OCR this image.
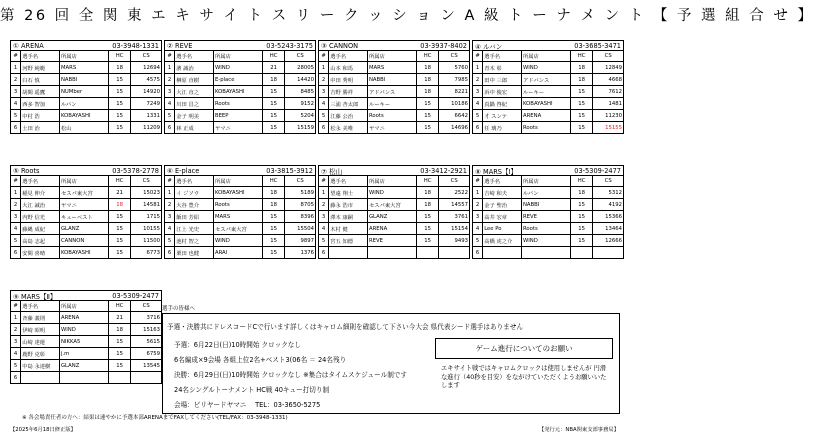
第 26 回 全 関 東 エ キ サ イ ト ス リ ー ク ッ シ ョ ン A 級 ト ー ナ メ ン ト 【 予 選 組 合 せ 】
① ARENA	03-3948-1331
#	選手名	所属店	HC	CS
1	河野 純範	MARS	18	12694
2	臼石 慎	NABBI	15	4575
3	胡間 遥鷹	NUMber	15	14920
4	西多 智加	ルバン	15	7249
5	中村 浩	KOBAYASHI	15	1331
6	土田 治	松山	15	11209
② REVE	03-5243-3175
#	選手名	所属店	HC	CS
1	濱 誠治	WIND	21	28005
2	榊原 直樹	E-place	18	14420
3	大江 直之	KOBAYASHI	15	8485
4	川田 昌之	Roots	15	9152
5	金子 明美	BEEP	15	5204
6	林 正成	ヤマニ	15	15159
③ CANNON	03-3937-8402
#	選手名	所属店	HC	CS
1	山本 和馬	MARS	18	5760
2	中田 秀明	NABBI	18	7985
3	吉野 勝祥	アドバンス	18	8221
4	三浦 杏太郎	ルーキー	15	10186
5	江藤 公治	Roots	15	6642
6	松永 美唯	ヤマニ	15	14696
④ ルバン	03-3685-3471
#	選手名	所属店	HC	CS
1	青木 彰	WIND	18	12849
2	田中 三郎	アドバンス	18	4668
3	浜中 俊宏	ルーキー	15	7612
4	真鍋 啓紀	KOBAYASHI	15	1481
5	才 スンテ	ARENA	15	11230
6	任 璃乃	Roots	15	15155
⑤ Roots	03-5378-2778
#	選手名	所属店	HC	CS
1	稲見 伸介	セスパ東大宮	21	15023
2	大江 誠治	ヤマニ	18	14581
3	内野 信光	キューベスト	15	1715
4	藤縄 成紀	GLANZ	15	10155
5	高島 志起	CANNON	15	11500
6	安間 喜晴	KOBAYASHI	15	6773
⑥ E-place	03-3815-3912
#	選手名	所属店	HC	CS
1	イ ジソウ	KOBAYASHI	18	5189
2	大谷 豊介	Roots	18	8705
3	飯田 芳紹	MARS	15	8396
4	江上 光史	セスパ東大宮	15	15504
5	池村 智之	WIND	15	9897
6	栗田 也健	ARAI	15	1376
⑦ 松山	03-3412-2921
#	選手名	所属店	HC	CS
1	望遠 翔士	WIND	18	2522
2	藤永 浩市	セスパ東大宮	18	14557
3	澤木 康嗣	GLANZ	15	3761
4	木村 健	ARENA	15	15154
5	宮五 知德	REVE	15	9493
6				
⑧ MARS【Ⅰ】	03-5309-2477
#	選手名	所属店	HC	CS
1	吉崎 和夫	ルバン	18	5312
2	金子 聖治	NABBI	15	4192
3	高井 宏章	REVE	15	15366
4	Lee Po	Roots	15	13464
5	高橋 虎之介	WIND	15	12666
6				
⑨ MARS【Ⅱ】	03-5309-2477
#	選手名	所属店	HC	CS
1	斉藤 義則	ARENA	21	3716
2	伊崎 昭明	WIND	18	15163
3	山崎 達運	NIKKA5	15	5615
4	鹿野 克彰	j.m	15	6759
5	中島 永達樹	GLANZ	15	13545
6				
選手の皆様へ
予選・決勝共にドレスコードCで行います詳しくはキャロム細則を確認して下さい今大会 県代表シード選手はありません
予選：6月22日(日)10時開始 クロックなし
6名編成×9会場 各組上位2名+ベスト3(06名 ＝ 24名残り
決勝：6月29日(日)10時開始 クロックなし ※集合はタイムスケジュール制です
24名シングルトーナメント HC戦 40キュー打切り制
会場：ビリヤードヤマニ　 TEL：03-3650-5275
ゲーム進行についてのお願い
エキサイト戦ではキャロムクロックは使用しませんが 円滑な進行（40秒を目安）をながけていただくようお願いいたします
※ 各会場責任者の方へ：結果は速やかに予選本部ARENAまでFAXしてください(TEL/FAX：03-3948-1331)
【2025年6月18日修正版】	【発行元：NBA関東支部事務局】
